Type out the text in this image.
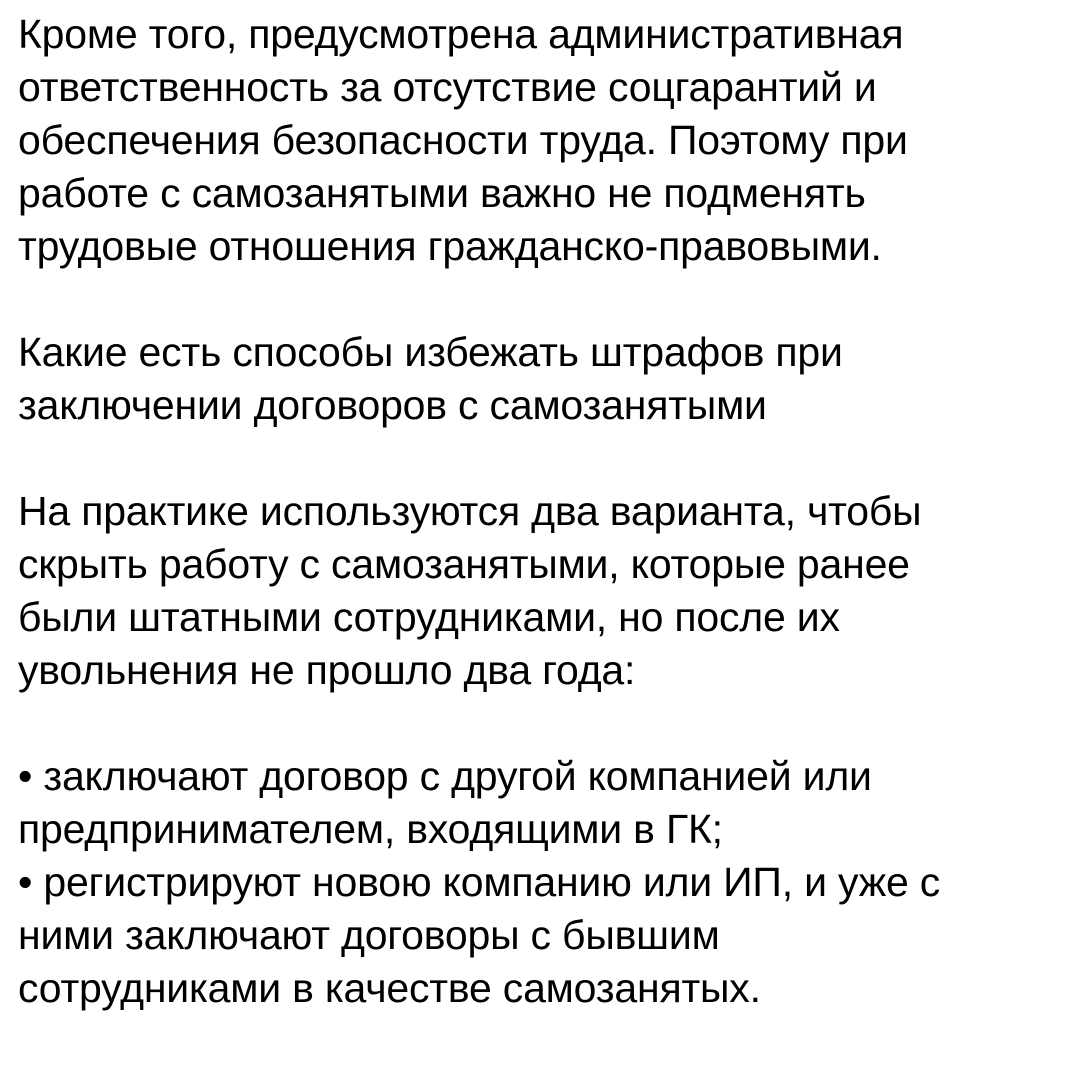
Кроме того, предусмотрена административная
ответственность за отсутствие соцгарантий и
обеспечения безопасности труда. Поэтому при
работе с самозанятыми важно не подменять
трудовые отношения гражданско-правовыми.

Какие есть способы избежать штрафов при
заключении договоров с самозанятыми

На практике используются два варианта, чтобы
скрыть работу с самозанятыми, которые ранее
были штатными сотрудниками, но после их
увольнения не прошло два года:

• заключают договор с другой компанией или
предпринимателем, входящими в ГК;
• регистрируют новою компанию или ИП, и уже с
ними заключают договоры с бывшим
сотрудниками в качестве самозанятых.
